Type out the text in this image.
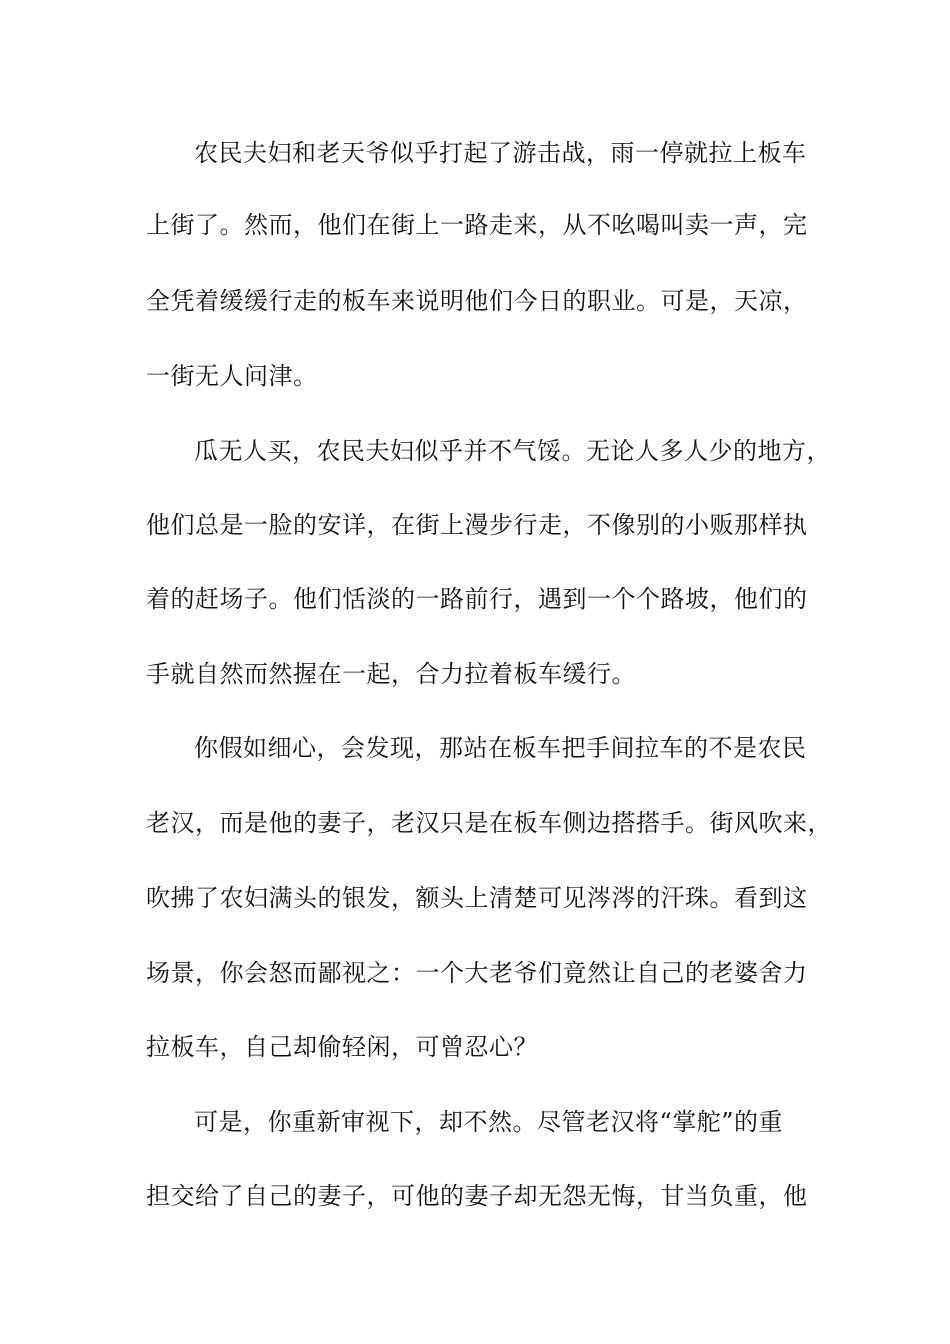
农民夫妇和老天爷似乎打起了游击战，雨一停就拉上板车
上街了。然而，他们在街上一路走来，从不吆喝叫卖一声，完
全凭着缓缓行走的板车来说明他们今日的职业。可是，天凉，
一街无人问津。
瓜无人买，农民夫妇似乎并不气馁。无论人多人少的地方，
他们总是一脸的安详，在街上漫步行走，不像别的小贩那样执
着的赶场子。他们恬淡的一路前行，遇到一个个路坡，他们的
手就自然而然握在一起，合力拉着板车缓行。
你假如细心，会发现，那站在板车把手间拉车的不是农民
老汉，而是他的妻子，老汉只是在板车侧边搭搭手。街风吹来，
吹拂了农妇满头的银发，额头上清楚可见涔涔的汗珠。看到这
场景，你会怒而鄙视之：一个大老爷们竟然让自己的老婆舍力
拉板车，自己却偷轻闲，可曾忍心？
可是，你重新审视下，却不然。尽管老汉将“掌舵”的重
担交给了自己的妻子，可他的妻子却无怨无悔，甘当负重，他
